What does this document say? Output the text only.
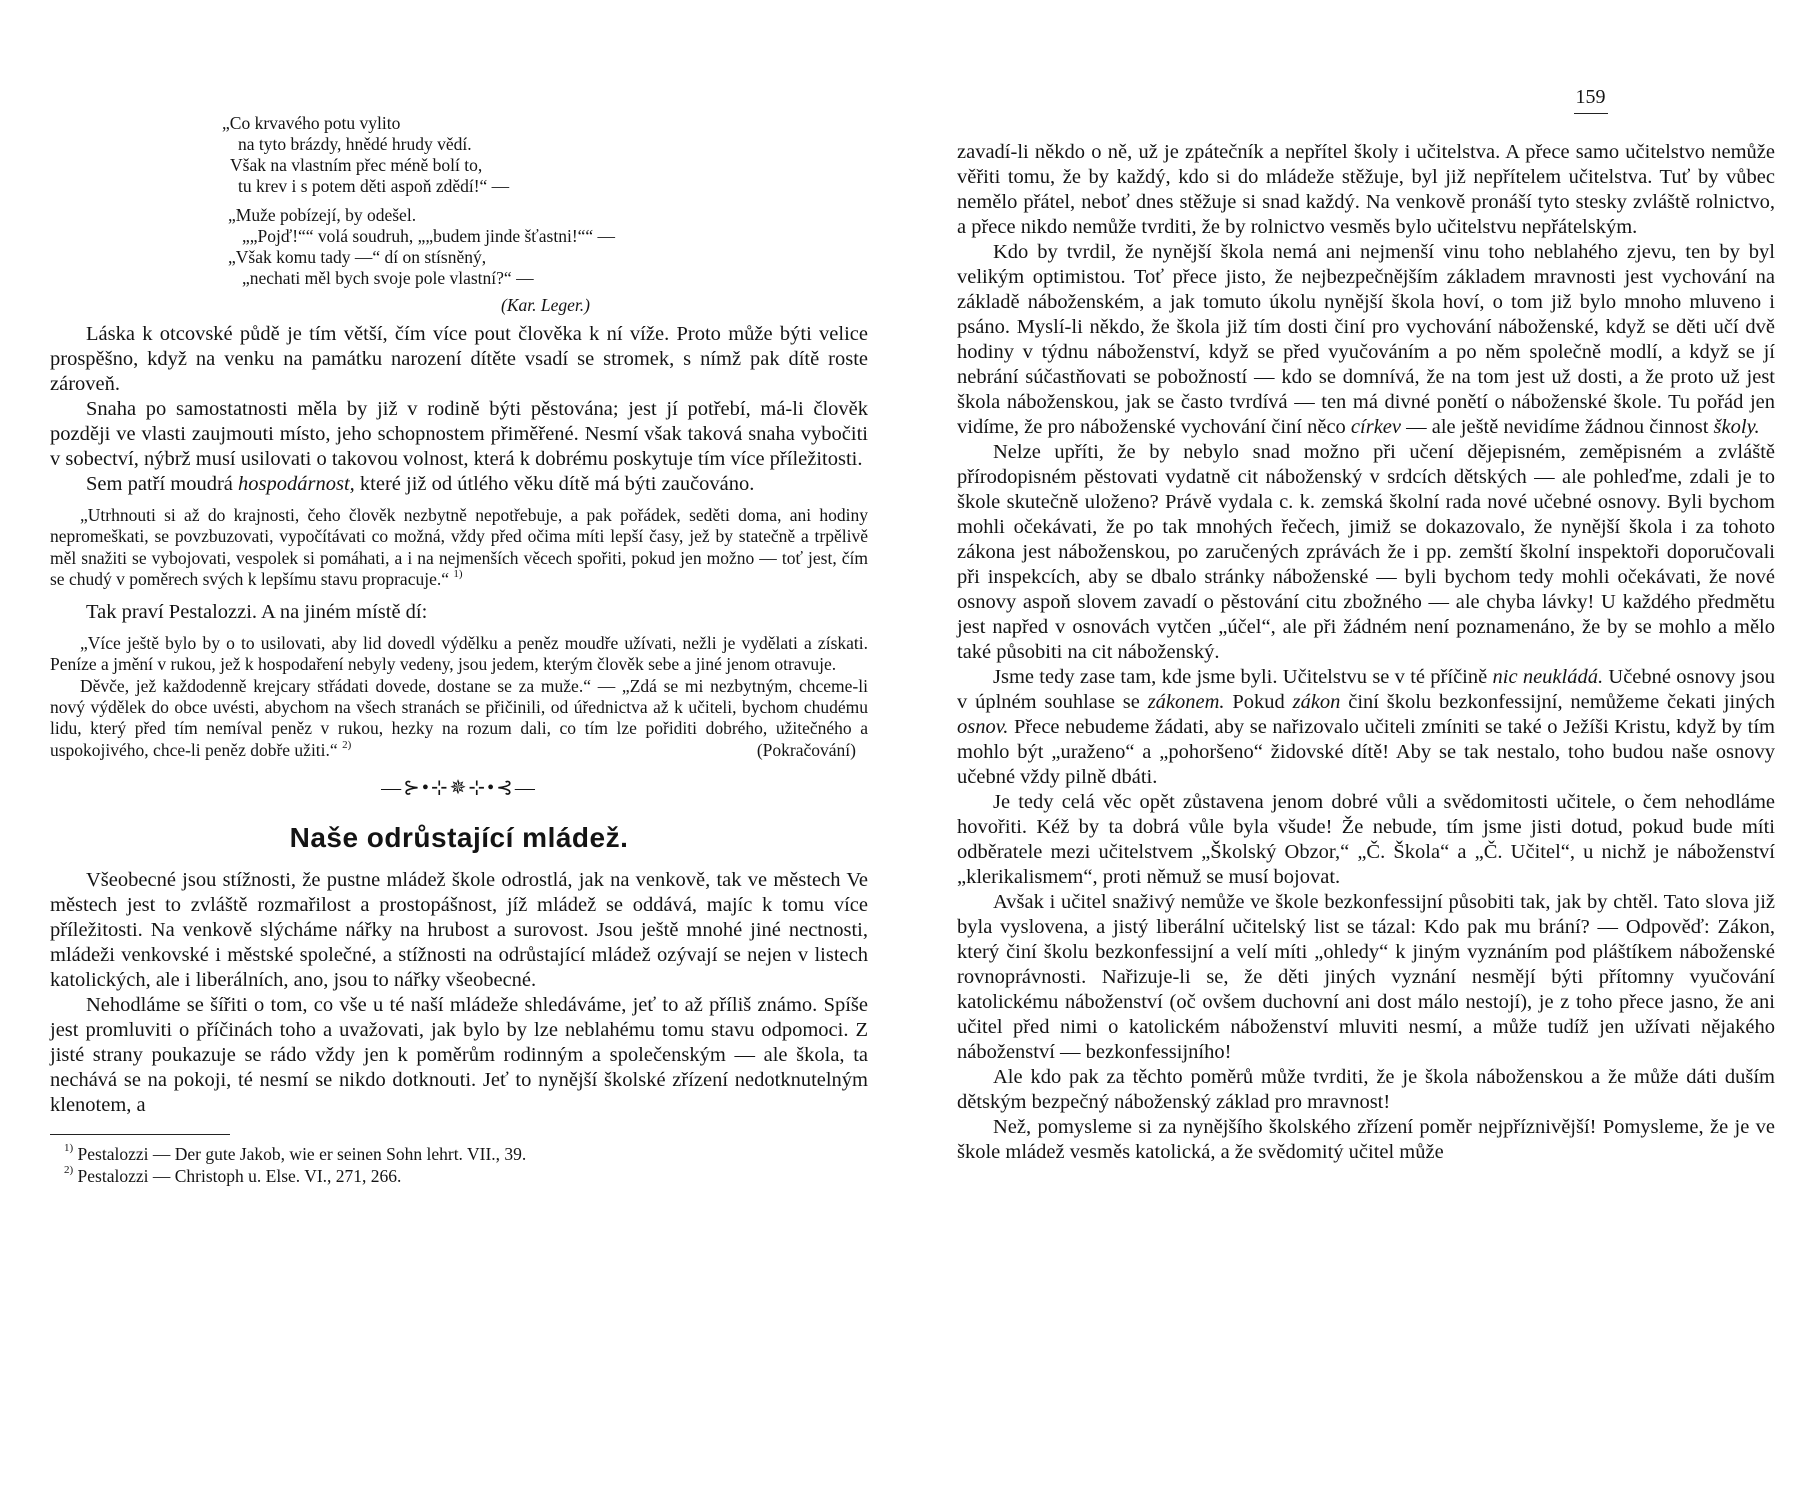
„Co krvavého potu vylito
na tyto brázdy, hnědé hrudy vědí.
Však na vlastním přec méně bolí to,
tu krev i s potem děti aspoň zdědí!“ —
„Muže pobízejí, by odešel.
„„Pojď!““ volá soudruh, „„budem jinde šťastni!““ —
„Však komu tady —“ dí on stísněný,
„nechati měl bych svoje pole vlastní?“ —
(Kar. Leger.)

Láska k otcovské půdě je tím větší, čím více pout člověka k ní víže. Proto může býti velice prospěšno, když na venku na památku narození dítěte vsadí se stromek, s nímž pak dítě roste zároveň.

Snaha po samostatnosti měla by již v rodině býti pěstována; jest jí potřebí, má-li člověk později ve vlasti zaujmouti místo, jeho schopnostem přiměřené. Nesmí však taková snaha vybočiti v sobectví, nýbrž musí usilovati o takovou volnost, která k dobrému poskytuje tím více příležitosti.

Sem patří moudrá hospodárnost, které již od útlého věku dítě má býti zaučováno.

„Utrhnouti si až do krajnosti, čeho člověk nezbytně nepotřebuje, a pak pořádek, seděti doma, ani hodiny nepromeškati, se povzbuzovati, vypočítávati co možná, vždy před očima míti lepší časy, jež by statečně a trpělivě měl snažiti se vybojovati, vespolek si pomáhati, a i na nejmenších věcech spořiti, pokud jen možno — toť jest, čím se chudý v poměrech svých k lepšímu stavu propracuje.“ $^{1)}$

Tak praví Pestalozzi. A na jiném místě dí:

„Více ještě bylo by o to usilovati, aby lid dovedl výdělku a peněz moudře užívati, nežli je vydělati a získati. Peníze a jmění v rukou, jež k hospodaření nebyly vedeny, jsou jedem, kterým člověk sebe a jiné jenom otravuje.

Děvče, jež každodenně krejcary střádati dovede, dostane se za muže.“ — „Zdá se mi nezbytným, chceme-li nový výdělek do obce uvésti, abychom na všech stranách se přičinili, od úřednictva až k učiteli, bychom chudému lidu, který před tím nemíval peněz v rukou, hezky na rozum dali, co tím lze pořiditi dobrého, užitečného a uspokojivého, chce-li peněz dobře užiti.“ $^{2)}$	(Pokračování)
—⊱•⊹✵⊹•⊰—
Naše odrůstající mládež.

Všeobecné jsou stížnosti, že pustne mládež škole odrostlá, jak na venkově, tak ve městech Ve městech jest to zvláště rozmařilost a prostopášnost, jíž mládež se oddává, majíc k tomu více příležitosti. Na venkově slýcháme nářky na hrubost a surovost. Jsou ještě mnohé jiné nectnosti, mládeži venkovské i městské společné, a stížnosti na odrůstající mládež ozývají se nejen v listech katolických, ale i liberálních, ano, jsou to nářky všeobecné.

Nehodláme se šířiti o tom, co vše u té naší mládeže shledáváme, jeť to až příliš známo. Spíše jest promluviti o příčinách toho a uvažovati, jak bylo by lze neblahému tomu stavu odpomoci. Z jisté strany poukazuje se rádo vždy jen k poměrům rodinným a společenským — ale škola, ta nechává se na pokoji, té nesmí se nikdo dotknouti. Jeť to nynější školské zřízení nedotknutelným klenotem, a

$^{1)}$ Pestalozzi — Der gute Jakob, wie er seinen Sohn lehrt. VII., 39.
$^{2)}$ Pestalozzi — Christoph u. Else. VI., 271, 266.
159

zavadí-li někdo o ně, už je zpátečník a nepřítel školy i učitelstva. A přece samo učitelstvo nemůže věřiti tomu, že by každý, kdo si do mládeže stěžuje, byl již nepřítelem učitelstva. Tuť by vůbec nemělo přátel, neboť dnes stěžuje si snad každý. Na venkově pronáší tyto stesky zvláště rolnictvo, a přece nikdo nemůže tvrditi, že by rolnictvo vesměs bylo učitelstvu nepřátelským.

Kdo by tvrdil, že nynější škola nemá ani nejmenší vinu toho neblahého zjevu, ten by byl velikým optimistou. Toť přece jisto, že nejbezpečnějším základem mravnosti jest vychování na základě náboženském, a jak tomuto úkolu nynější škola hoví, o tom již bylo mnoho mluveno i psáno. Myslí-li někdo, že škola již tím dosti činí pro vychování náboženské, když se děti učí dvě hodiny v týdnu náboženství, když se před vyučováním a po něm společně modlí, a když se jí nebrání súčastňovati se pobožností — kdo se domnívá, že na tom jest už dosti, a že proto už jest škola náboženskou, jak se často tvrdívá — ten má divné ponětí o náboženské škole. Tu pořád jen vidíme, že pro náboženské vychování činí něco církev — ale ještě nevidíme žádnou činnost školy.

Nelze upříti, že by nebylo snad možno při učení dějepisném, zeměpisném a zvláště přírodopisném pěstovati vydatně cit náboženský v srdcích dětských — ale pohleďme, zdali je to škole skutečně uloženo? Právě vydala c. k. zemská školní rada nové učebné osnovy. Byli bychom mohli očekávati, že po tak mnohých řečech, jimiž se dokazovalo, že nynější škola i za tohoto zákona jest náboženskou, po zaručených zprávách že i pp. zemští školní inspektoři doporučovali při inspekcích, aby se dbalo stránky náboženské — byli bychom tedy mohli očekávati, že nové osnovy aspoň slovem zavadí o pěstování citu zbožného — ale chyba lávky! U každého předmětu jest napřed v osnovách vytčen „účel“, ale při žádném není poznamenáno, že by se mohlo a mělo také působiti na cit náboženský.

Jsme tedy zase tam, kde jsme byli. Učitelstvu se v té příčině nic neukládá. Učebné osnovy jsou v úplném souhlase se zákonem. Pokud zákon činí školu bezkonfessijní, nemůžeme čekati jiných osnov. Přece nebudeme žádati, aby se nařizovalo učiteli zmíniti se také o Ježíši Kristu, když by tím mohlo být „uraženo“ a „pohoršeno“ židovské dítě! Aby se tak nestalo, toho budou naše osnovy učebné vždy pilně dbáti.

Je tedy celá věc opět zůstavena jenom dobré vůli a svědomitosti učitele, o čem nehodláme hovořiti. Kéž by ta dobrá vůle byla všude! Že nebude, tím jsme jisti dotud, pokud bude míti odběratele mezi učitelstvem „Školský Obzor,“ „Č. Škola“ a „Č. Učitel“, u nichž je náboženství „klerikalismem“, proti němuž se musí bojovat.

Avšak i učitel snaživý nemůže ve škole bezkonfessijní působiti tak, jak by chtěl. Tato slova již byla vyslovena, a jistý liberální učitelský list se tázal: Kdo pak mu brání? — Odpověď: Zákon, který činí školu bezkonfessijní a velí míti „ohledy“ k jiným vyznáním pod pláštíkem náboženské rovnoprávnosti. Nařizuje-li se, že děti jiných vyznání nesmějí býti přítomny vyučování katolickému náboženství (oč ovšem duchovní ani dost málo nestojí), je z toho přece jasno, že ani učitel před nimi o katolickém náboženství mluviti nesmí, a může tudíž jen užívati nějakého náboženství — bezkonfessijního!

Ale kdo pak za těchto poměrů může tvrditi, že je škola náboženskou a že může dáti duším dětským bezpečný náboženský základ pro mravnost!

Než, pomysleme si za nynějšího školského zřízení poměr nejpříznivější! Pomysleme, že je ve škole mládež vesměs katolická, a že svědomitý učitel může
